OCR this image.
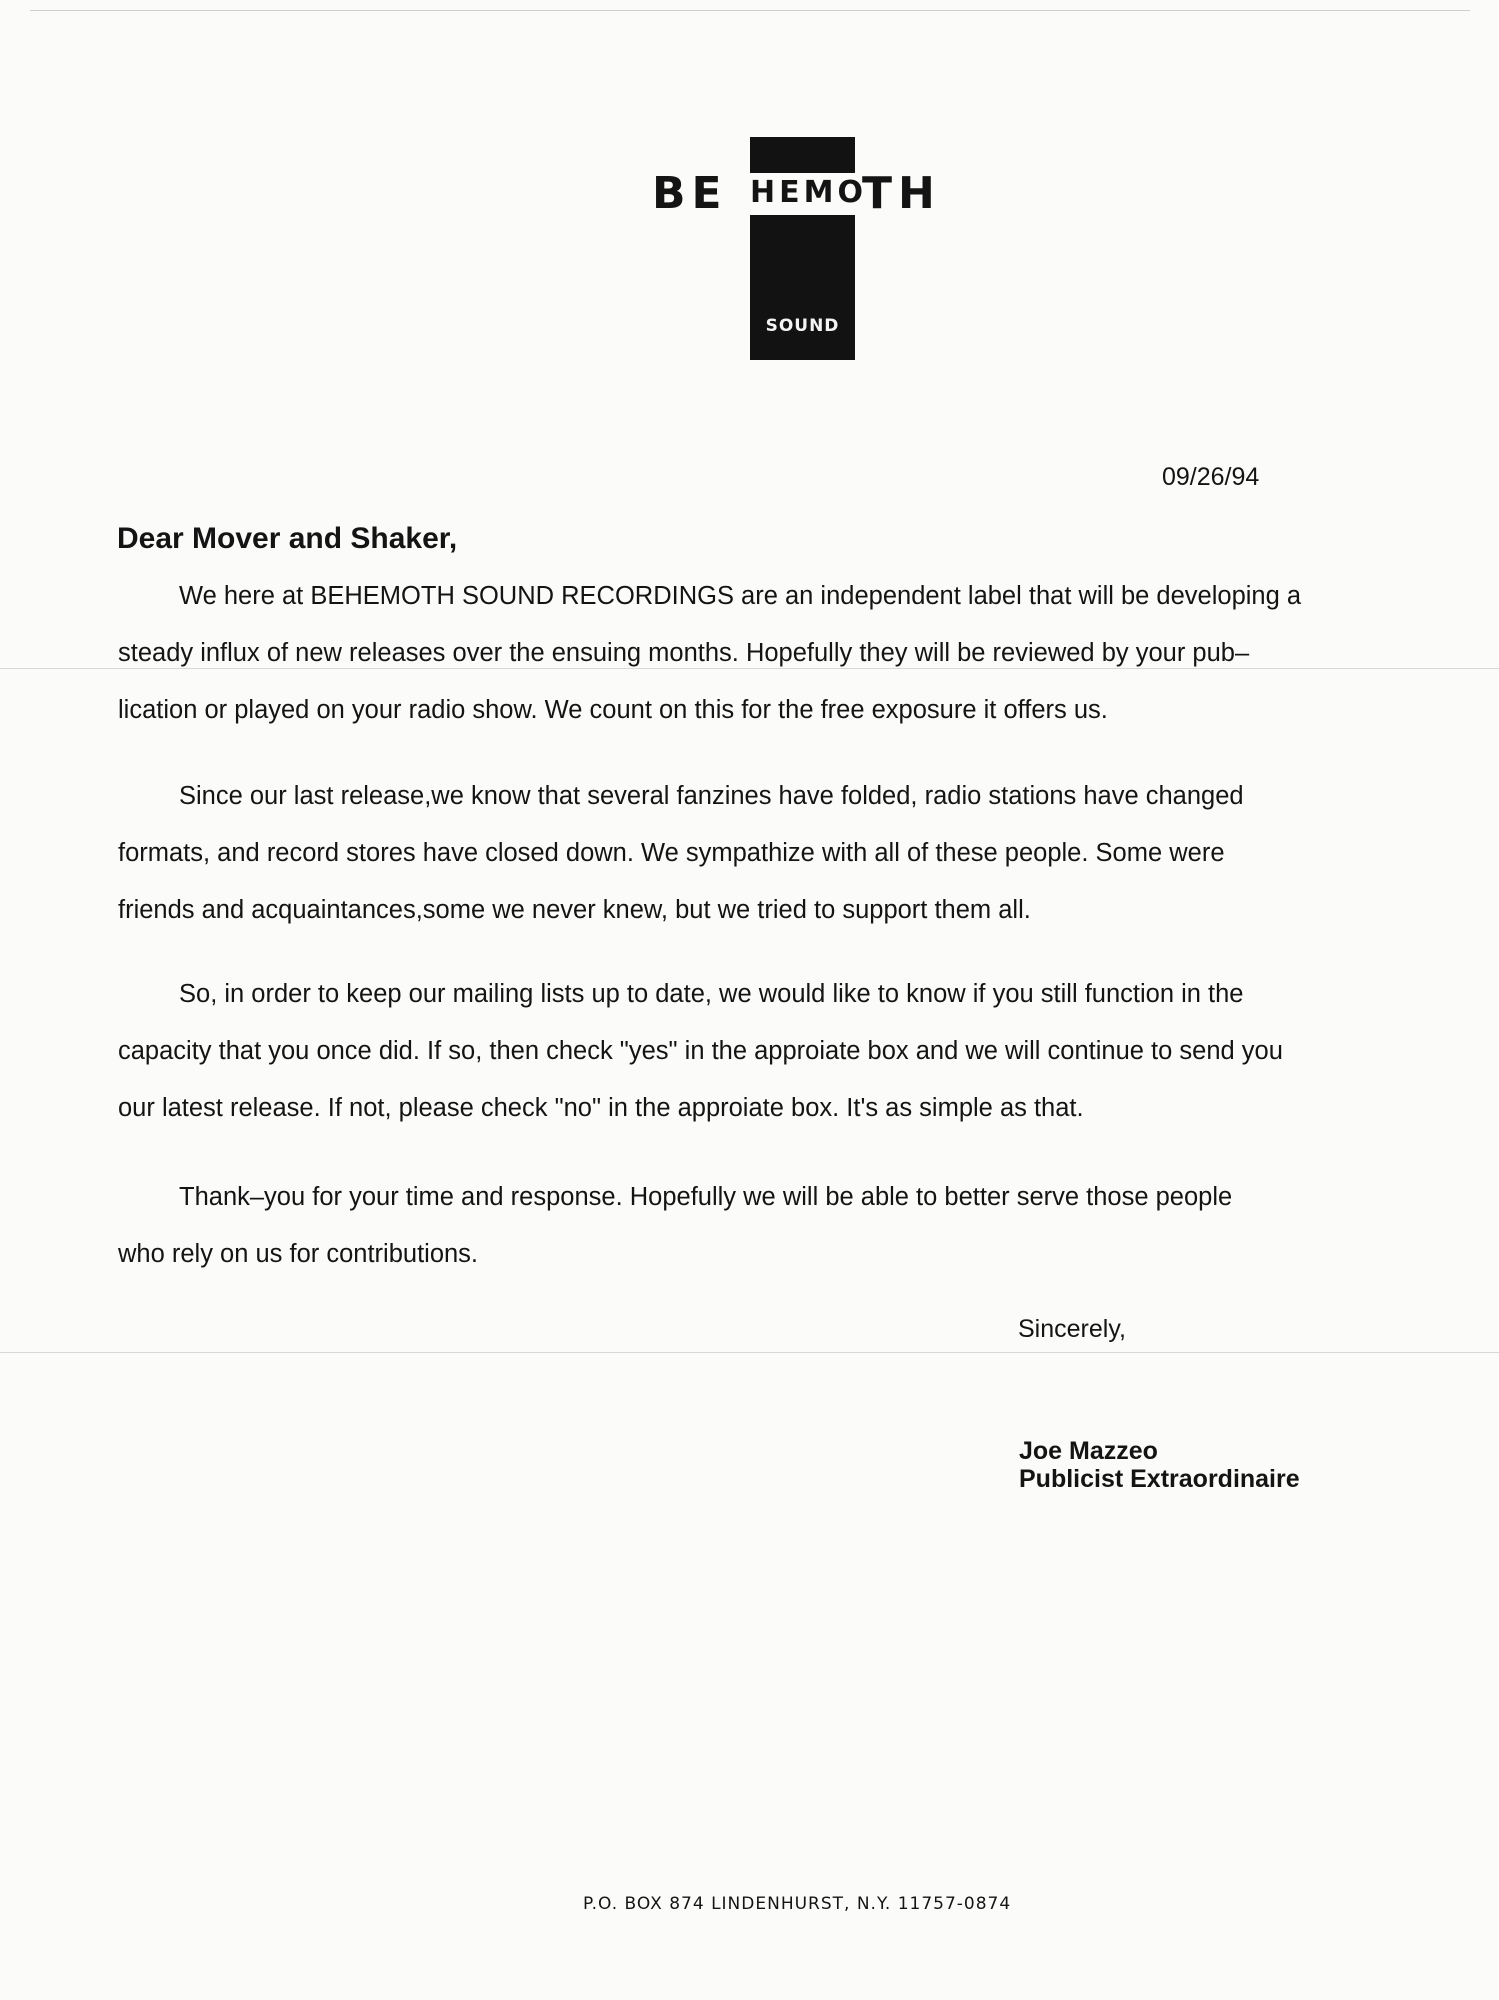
BE HEMO
TH
SOUND
09/26/94
Dear Mover and Shaker,
We here at BEHEMOTH SOUND RECORDINGS are an independent label that will be developing a
steady influx of new releases over the ensuing months. Hopefully they will be reviewed by your pub–
lication or played on your radio show. We count on this for the free exposure it offers us.
Since our last release,we know that several fanzines have folded, radio stations have changed
formats, and record stores have closed down. We sympathize with all of these people. Some were
friends and acquaintances,some we never knew, but we tried to support them all.
So, in order to keep our mailing lists up to date, we would like to know if you still function in the
capacity that you once did. If so, then check "yes" in the approiate box and we will continue to send you
our latest release. If not, please check "no" in the approiate box. It's as simple as that.
Thank–you for your time and response. Hopefully we will be able to better serve those people
who rely on us for contributions.
Sincerely,
Joe Mazzeo
Publicist Extraordinaire
P.O. BOX 874 LINDENHURST, N.Y. 11757-0874
